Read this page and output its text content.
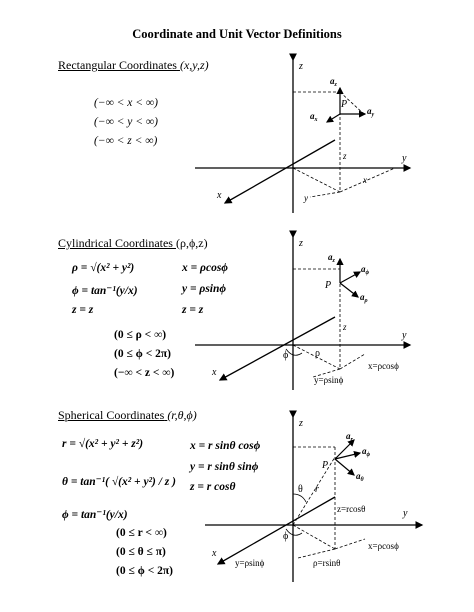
Coordinate and Unit Vector Definitions
Rectangular Coordinates (x,y,z)
(−∞ < x < ∞)
(−∞ < y < ∞)
(−∞ < z < ∞)
z
y
x
P
$a_z$
$a_y$
$a_x$
z
y
x
Cylindrical Coordinates (ρ,ϕ,z)
ρ = √(x² + y²)
ϕ = tan⁻¹(y/x)
z = z
x = ρcosϕ
y = ρsinϕ
z = z
(0 ≤ ρ < ∞)
(0 ≤ ϕ < 2π)
(−∞ < z < ∞)
z
y
x
P
$a_z$
$a_\phi$
$a_\rho$
ϕ	ρ
z
x=ρcosϕ
y=ρsinϕ
Spherical Coordinates (r,θ,ϕ)
r = √(x² + y² + z²)
θ = tan⁻¹( √(x² + y²) / z )
ϕ = tan⁻¹(y/x)
x = r sinθ cosϕ
y = r sinθ sinϕ
z = r cosθ
(0 ≤ r < ∞)
(0 ≤ θ ≤ π)
(0 ≤ ϕ < 2π)
z
y
x
P
$a_r$
$a_\phi$
$a_\theta$
θ r
ϕ
z=rcosθ
x=ρcosϕ
y=ρsinϕ	ρ=rsinθ
